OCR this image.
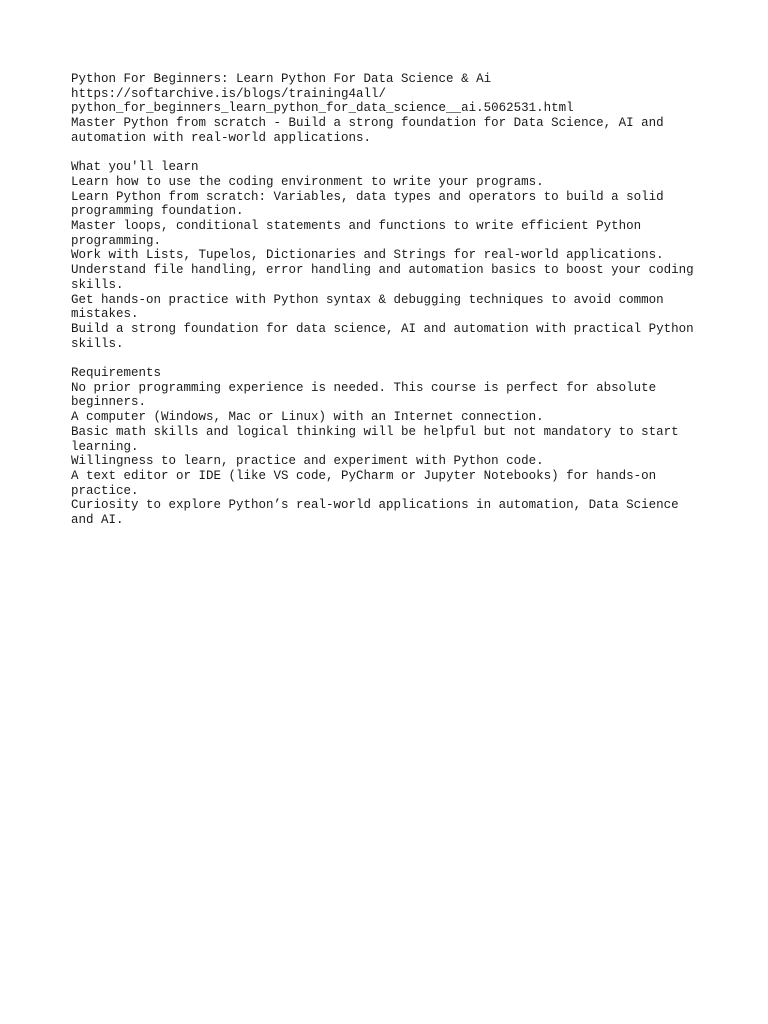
Python For Beginners: Learn Python For Data Science & Ai
https://softarchive.is/blogs/training4all/
python_for_beginners_learn_python_for_data_science__ai.5062531.html
Master Python from scratch - Build a strong foundation for Data Science, AI and
automation with real-world applications.
What you'll learn
Learn how to use the coding environment to write your programs.
Learn Python from scratch: Variables, data types and operators to build a solid
programming foundation.
Master loops, conditional statements and functions to write efficient Python
programming.
Work with Lists, Tupelos, Dictionaries and Strings for real-world applications.
Understand file handling, error handling and automation basics to boost your coding
skills.
Get hands-on practice with Python syntax & debugging techniques to avoid common
mistakes.
Build a strong foundation for data science, AI and automation with practical Python
skills.
Requirements
No prior programming experience is needed. This course is perfect for absolute
beginners.
A computer (Windows, Mac or Linux) with an Internet connection.
Basic math skills and logical thinking will be helpful but not mandatory to start
learning.
Willingness to learn, practice and experiment with Python code.
A text editor or IDE (like VS code, PyCharm or Jupyter Notebooks) for hands-on
practice.
Curiosity to explore Python’s real-world applications in automation, Data Science
and AI.
